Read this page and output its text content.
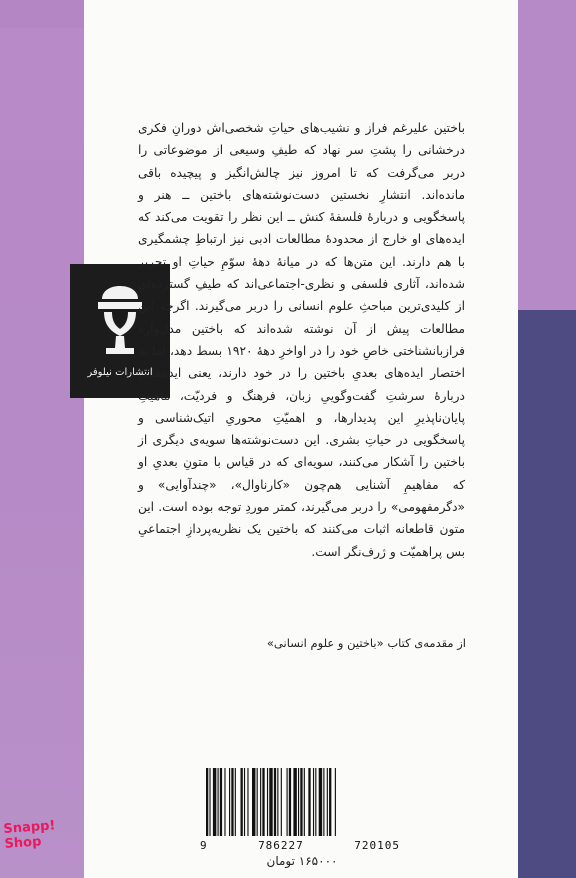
انتشارات نیلوفر

باختین علیرغم فراز و نشیب‌های حیاتِ شخصی‌اش دورانِ فکری درخشانی را پشتِ سر نهاد که طیفِ وسیعی از موضوعاتی را دربر می‌گرفت که تا امروز نیز چالش‌انگیز و پیچیده باقی مانده‌اند. انتشارِ نخستین دست‌نوشته‌های باختین ــ هنر و پاسخگویی و دربارهٔ فلسفهٔ کنش ــ این نظر را تقویت می‌کند که ایده‌های او خارج از محدودهٔ مطالعات ادبی نیز ارتباطِ چشمگیری با هم دارند. این متن‌ها که در میانهٔ دههٔ سوّمِ حیاتِ او تحریر شده‌اند، آثاری فلسفی و نظری-اجتماعی‌اند که طیفِ گسترده‌ای از کلیدی‌ترین مباحثِ علوم انسانی را دربر می‌گیرند. اگرچه این مطالعات پیش از آن نوشته شده‌اند که باختین مدل‌وارهٔ فرازبانشناختی خاصِ خود را در اواخرِ دههٔ ۱۹۲۰ بسط دهد، اما به اختصار ایده‌های بعدیِ باختین را در خود دارند، یعنی ایده‌هایی دربارهٔ سرشتِ گفت‌وگوییِ زبان، فرهنگ و فردیّت، ماهیتِ پایان‌ناپذیرِ این پدیدارها، و اهمیّتِ محوریِ اتیک‌شناسی و پاسخگویی در حیاتِ بشری. این دست‌نوشته‌ها سویه‌ی دیگری از باختین را آشکار می‌کنند، سویه‌ای که در قیاس با متونِ بعدیِ او که مفاهیمِ آشنایی هم‌چون «کارناوال»، «چندآوایی» و «دگرمفهومی» را دربر می‌گیرند، کمتر موردِ توجه بوده است. این متون قاطعانه اثبات می‌کنند که باختین یک نظریه‌پردازِ اجتماعیِ بس پراهمیّت و ژرف‌نگر است.

از مقدمه‌ی کتاب «باختین و علوم انسانی»
9	786227	720105
۱۶۵۰۰۰ تومان
Snapp!
Shop
